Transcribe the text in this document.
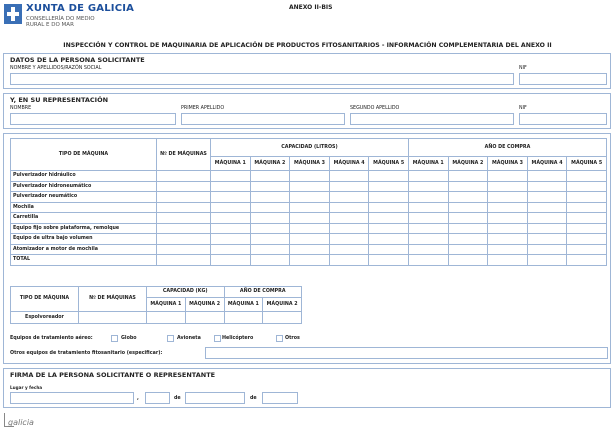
XUNTA DE GALICIA
CONSELLERÍA DO MEDIO RURAL E DO MAR
ANEXO II-BIS
INSPECCIÓN Y CONTROL DE MAQUINARIA DE APLICACIÓN DE PRODUCTOS FITOSANITARIOS - INFORMACIÓN COMPLEMENTARIA DEL ANEXO II
DATOS DE LA PERSONA SOLICITANTE
NOMBRE Y APELLIDOS/RAZÓN SOCIAL	NIF
Y, EN SU REPRESENTACIÓN
NOMBRE	PRIMER APELLIDO	SEGUNDO APELLIDO	NIF
TIPO DE MÁQUINA	Nº DE MÁQUINAS	CAPACIDAD (LITROS)					AÑO DE COMPRA				
		MÁQUINA 1	MÁQUINA 2	MÁQUINA 3	MÁQUINA 4	MÁQUINA 5	MÁQUINA 1	MÁQUINA 2	MÁQUINA 3	MÁQUINA 4	MÁQUINA 5
Pulverizador hidráulico											
Pulverizador hidroneumático											
Pulverizador neumático											
Mochila											
Carretilla											
Equipo fijo sobre plataforma, remolque											
Equipo de ultra bajo volumen											
Atomizador a motor de mochila											
TOTAL											
TIPO DE MÁQUINA	Nº DE MÁQUINAS	CAPACIDAD (KG)		AÑO DE COMPRA	
		MÁQUINA 1	MÁQUINA 2	MÁQUINA 1	MÁQUINA 2
Espolvoreador					
Equipos de tratamiento aéreo:	Globo	Avioneta	Helicóptero	Otros
Otros equipos de tratamiento fitosanitario (especificar):
FIRMA DE LA PERSONA SOLICITANTE O REPRESENTANTE
Lugar y fecha
,	de	de
galicia
